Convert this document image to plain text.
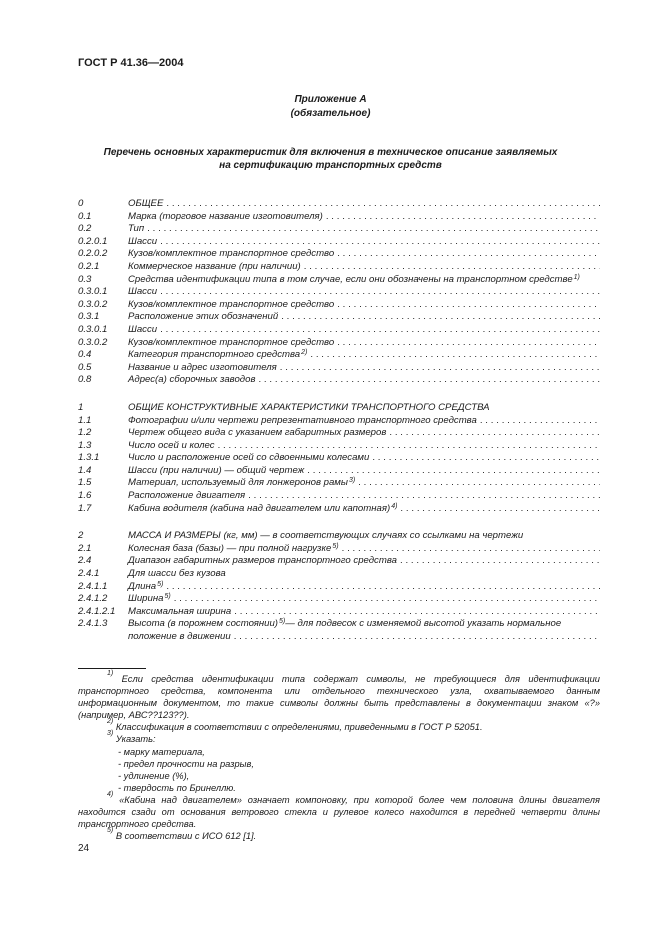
ГОСТ Р 41.36—2004
Приложение А
(обязательное)
Перечень основных характеристик для включения в техническое описание заявляемых
на сертификацию транспортных средств
0	ОБЩЕЕ
.....
0.1	Марка (торговое название изготовителя)
.....
0.2	Тип
.....
0.2.0.1	Шасси
.....
0.2.0.2	Кузов/комплектное транспортное средство
.....
0.2.1	Коммерческое название (при наличии)
.....
0.3	Средства идентификации типа в том случае, если они обозначены на транспортном средстве$^{1)}$
0.3.0.1	Шасси
.....
0.3.0.2	Кузов/комплектное транспортное средство
.....
0.3.1	Расположение этих обозначений
.....
0.3.0.1	Шасси
.....
0.3.0.2	Кузов/комплектное транспортное средство
.....
0.4	Категория транспортного средства$^{2)}$
.....
0.5	Название и адрес изготовителя
.....
0.8	Адрес(а) сборочных заводов
.....
1	ОБЩИЕ КОНСТРУКТИВНЫЕ ХАРАКТЕРИСТИКИ ТРАНСПОРТНОГО СРЕДСТВА
1.1	Фотографии и/или чертежи репрезентативного транспортного средства
.....
1.2	Чертеж общего вида с указанием габаритных размеров
.....
1.3	Число осей и колес
.....
1.3.1	Число и расположение осей со сдвоенными колесами
.....
1.4	Шасси (при наличии) — общий чертеж
.....
1.5	Материал, используемый для лонжеронов рамы$^{3)}$
.....
1.6	Расположение двигателя
.....
1.7	Кабина водителя (кабина над двигателем или капотная)$^{4)}$
.....
2	МАССА И РАЗМЕРЫ (кг, мм) — в соответствующих случаях со ссылками на чертежи
2.1	Колесная база (базы) — при полной нагрузке$^{5)}$
.....
2.4	Диапазон габаритных размеров транспортного средства
.....
2.4.1	Для шасси без кузова
2.4.1.1	Длина$^{5)}$
.....
2.4.1.2	Ширина$^{5)}$
.....
2.4.1.2.1	Максимальная ширина
.....
2.4.1.3	Высота (в порожнем состоянии)$^{5)}$ — для подвесок с изменяемой высотой указать нормальное
положение в движении
.....
$^{1)}$ Если средства идентификации типа содержат символы, не требующиеся для идентификации транспортного средства, компонента или отдельного технического узла, охватываемого данным информационным документом, то такие символы должны быть представлены в документации знаком «?» (например, АВС??123??).
$^{2)}$ Классификация в соответствии с определениями, приведенными в ГОСТ Р 52051.
$^{3)}$ Указать:
- марку материала,
- предел прочности на разрыв,
- удлинение (%),
- твердость по Бринеллю.
$^{4)}$ «Кабина над двигателем» означает компоновку, при которой более чем половина длины двигателя находится сзади от основания ветрового стекла и рулевое колесо находится в передней четверти длины транспортного средства.
$^{5)}$ В соответствии с ИСО 612 [1].
24
